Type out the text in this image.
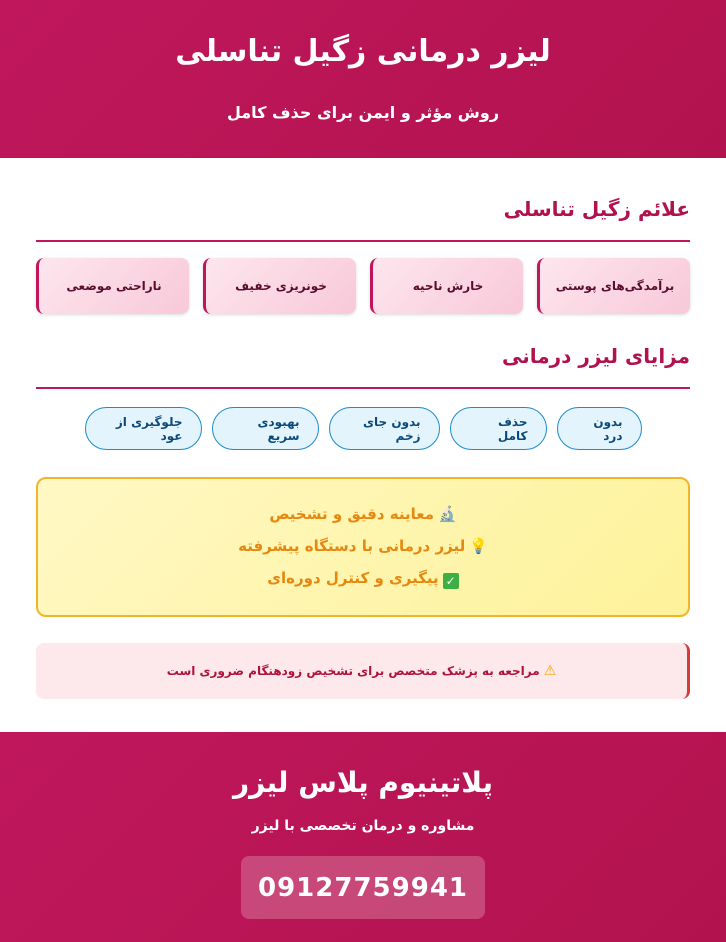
لیزر درمانی زگیل تناسلی

روش مؤثر و ایمن برای حذف کامل

علائم زگیل تناسلی
برآمدگی‌های پوستی
خارش ناحیه
خونریزی خفیف
ناراحتی موضعی
مزایای لیزر درمانی
بدون درد
حذف کامل
بدون جای زخم
بهبودی سریع
جلوگیری از عود
🔬معاینه دقیق و تشخیص
💡لیزر درمانی با دستگاه پیشرفته
✓پیگیری و کنترل دوره‌ای
⚠
مراجعه به پزشک متخصص برای تشخیص زودهنگام ضروری است
پلاتینیوم پلاس لیزر

مشاوره و درمان تخصصی با لیزر

09127759941
